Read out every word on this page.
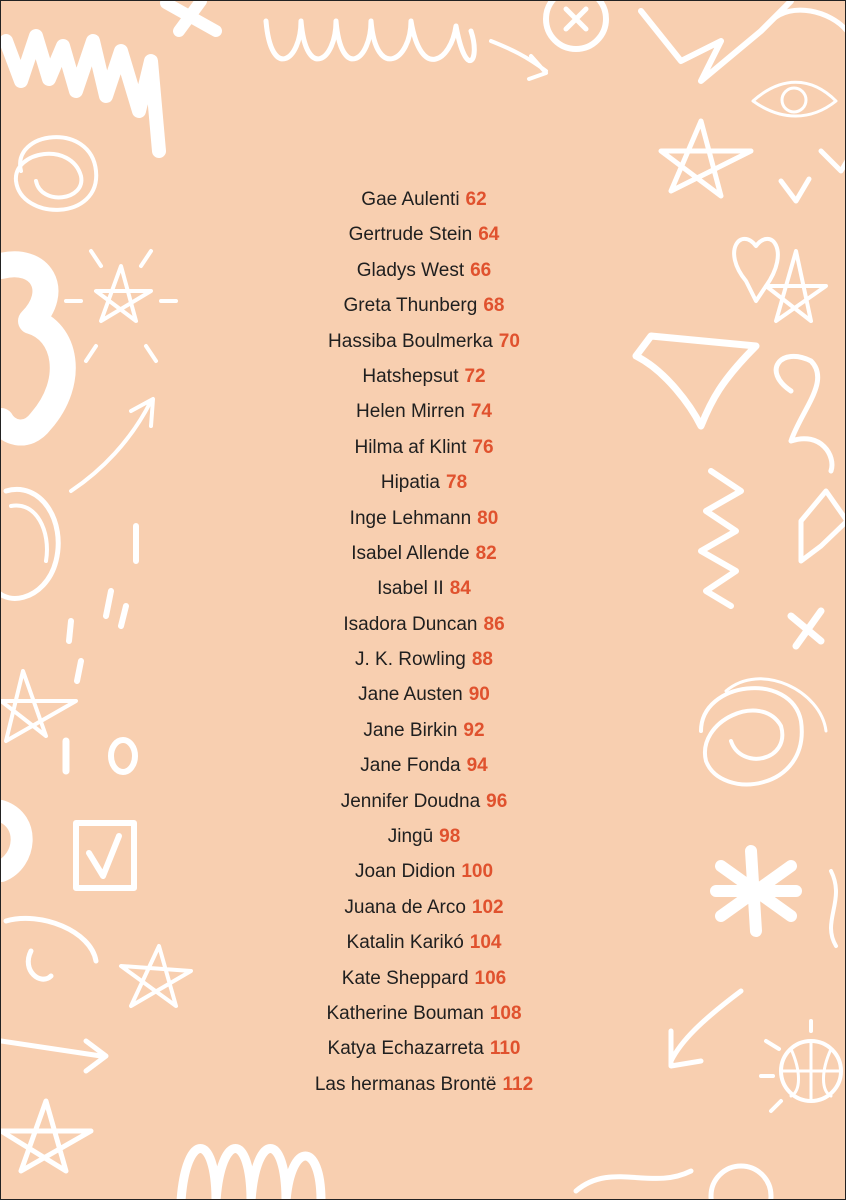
Gae Aulenti 62
Gertrude Stein 64
Gladys West 66
Greta Thunberg 68
Hassiba Boulmerka 70
Hatshepsut 72
Helen Mirren 74
Hilma af Klint 76
Hipatia 78
Inge Lehmann 80
Isabel Allende 82
Isabel II 84
Isadora Duncan 86
J. K. Rowling 88
Jane Austen 90
Jane Birkin 92
Jane Fonda 94
Jennifer Doudna 96
Jingū 98
Joan Didion 100
Juana de Arco 102
Katalin Karikó 104
Kate Sheppard 106
Katherine Bouman 108
Katya Echazarreta 110
Las hermanas Brontë 112
